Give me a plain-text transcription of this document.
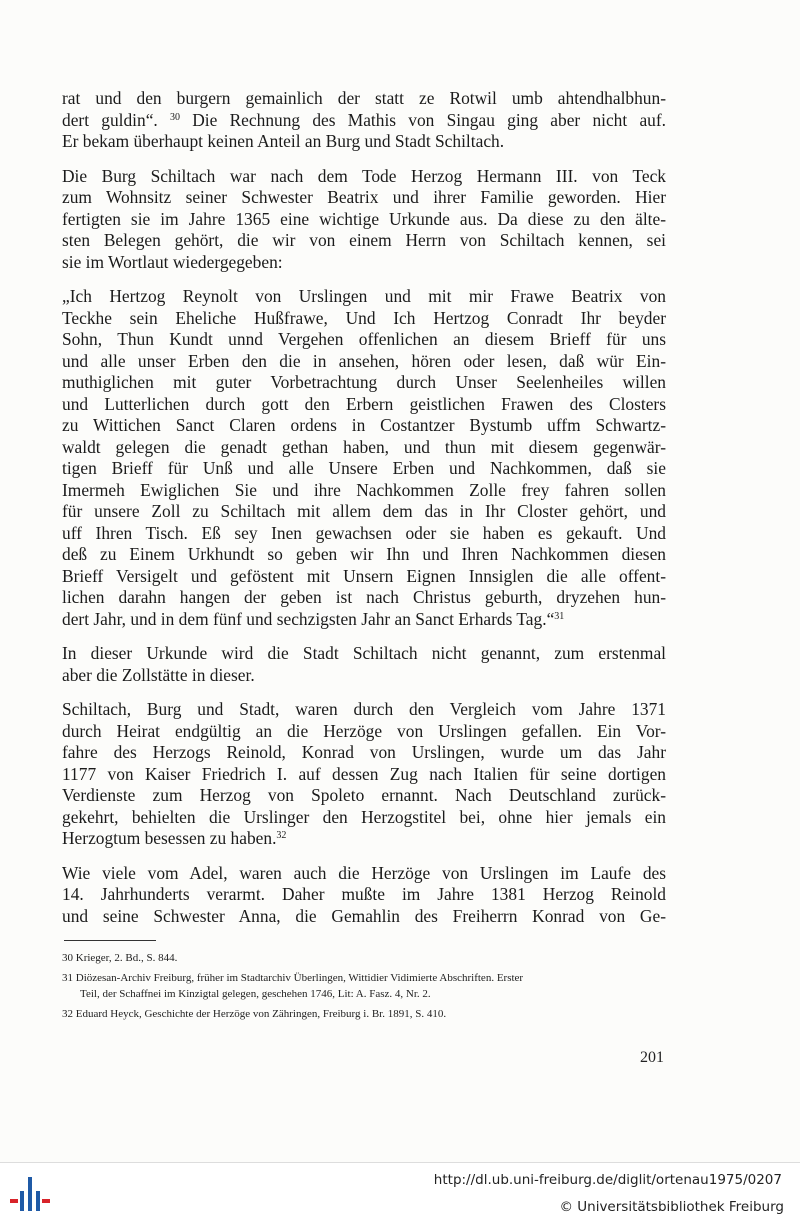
rat und den burgern gemainlich der statt ze Rotwil umb ahtendhalbhun-
dert guldin“. $^{30}$ Die Rechnung des Mathis von Singau ging aber nicht auf.
Er bekam überhaupt keinen Anteil an Burg und Stadt Schiltach.
Die Burg Schiltach war nach dem Tode Herzog Hermann III. von Teck
zum Wohnsitz seiner Schwester Beatrix und ihrer Familie geworden. Hier
fertigten sie im Jahre 1365 eine wichtige Urkunde aus. Da diese zu den älte-
sten Belegen gehört, die wir von einem Herrn von Schiltach kennen, sei
sie im Wortlaut wiedergegeben:
„Ich Hertzog Reynolt von Urslingen und mit mir Frawe Beatrix von
Teckhe sein Eheliche Hußfrawe, Und Ich Hertzog Conradt Ihr beyder
Sohn, Thun Kundt unnd Vergehen offenlichen an diesem Brieff für uns
und alle unser Erben den die in ansehen, hören oder lesen, daß wür Ein-
muthiglichen mit guter Vorbetrachtung durch Unser Seelenheiles willen
und Lutterlichen durch gott den Erbern geistlichen Frawen des Closters
zu Wittichen Sanct Claren ordens in Costantzer Bystumb uffm Schwartz-
waldt gelegen die genadt gethan haben, und thun mit diesem gegenwär-
tigen Brieff für Unß und alle Unsere Erben und Nachkommen, daß sie
Imermeh Ewiglichen Sie und ihre Nachkommen Zolle frey fahren sollen
für unsere Zoll zu Schiltach mit allem dem das in Ihr Closter gehört, und
uff Ihren Tisch. Eß sey Inen gewachsen oder sie haben es gekauft. Und
deß zu Einem Urkhundt so geben wir Ihn und Ihren Nachkommen diesen
Brieff Versigelt und geföstent mit Unsern Eignen Innsiglen die alle offent-
lichen darahn hangen der geben ist nach Christus geburth, dryzehen hun-
dert Jahr, und in dem fünf und sechzigsten Jahr an Sanct Erhards Tag.“$^{31}$
In dieser Urkunde wird die Stadt Schiltach nicht genannt, zum erstenmal
aber die Zollstätte in dieser.
Schiltach, Burg und Stadt, waren durch den Vergleich vom Jahre 1371
durch Heirat endgültig an die Herzöge von Urslingen gefallen. Ein Vor-
fahre des Herzogs Reinold, Konrad von Urslingen, wurde um das Jahr
1177 von Kaiser Friedrich I. auf dessen Zug nach Italien für seine dortigen
Verdienste zum Herzog von Spoleto ernannt. Nach Deutschland zurück-
gekehrt, behielten die Urslinger den Herzogstitel bei, ohne hier jemals ein
Herzogtum besessen zu haben.$^{32}$
Wie viele vom Adel, waren auch die Herzöge von Urslingen im Laufe des
14. Jahrhunderts verarmt. Daher mußte im Jahre 1381 Herzog Reinold
und seine Schwester Anna, die Gemahlin des Freiherrn Konrad von Ge-
30 Krieger, 2. Bd., S. 844.
31 Diözesan-Archiv Freiburg, früher im Stadtarchiv Überlingen, Wittidier Vidimierte Abschriften. Erster
Teil, der Schaffnei im Kinzigtal gelegen, geschehen 1746, Lit: A. Fasz. 4, Nr. 2.
32 Eduard Heyck, Geschichte der Herzöge von Zähringen, Freiburg i. Br. 1891, S. 410.
201
http://dl.ub.uni-freiburg.de/diglit/ortenau1975/0207
© Universitätsbibliothek Freiburg
